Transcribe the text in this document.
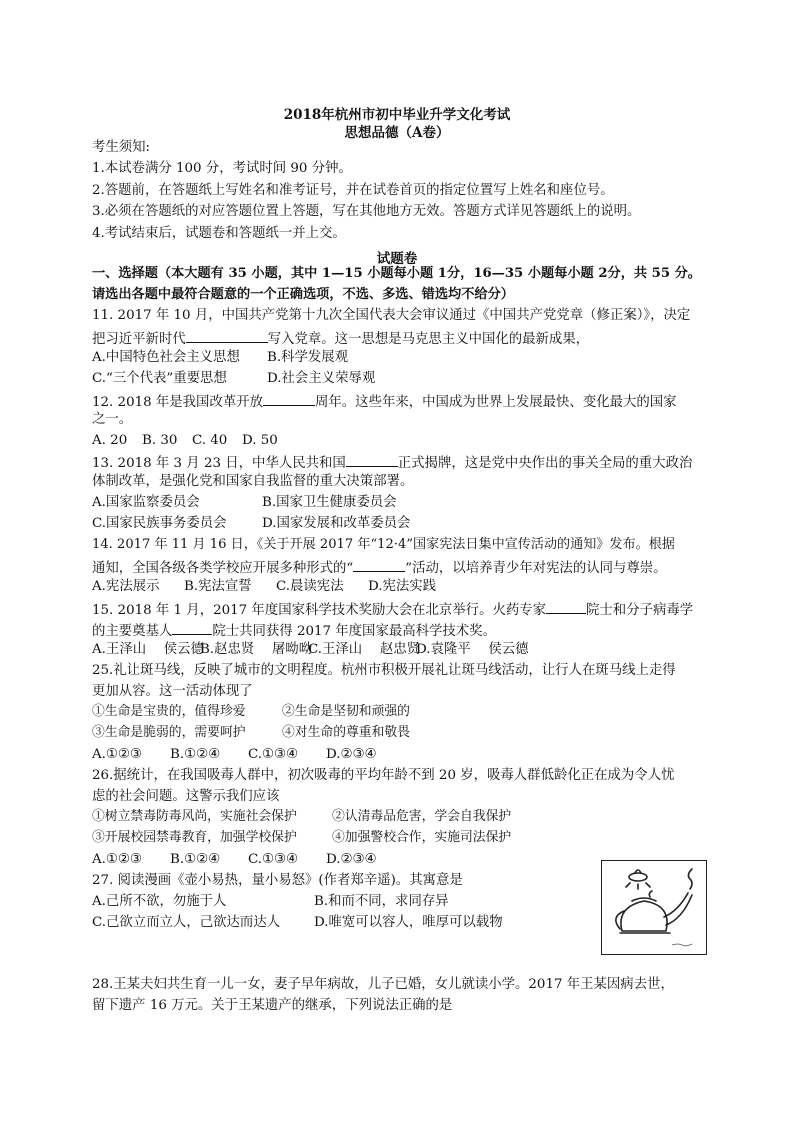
2018年杭州市初中毕业升学文化考试
思想品德（A卷）
考生须知:
1.本试卷满分 100 分，考试时间 90 分钟。
2.答题前，在答题纸上写姓名和准考证号，并在试卷首页的指定位置写上姓名和座位号。
3.必须在答题纸的对应答题位置上答题，写在其他地方无效。答题方式详见答题纸上的说明。
4.考试结束后，试题卷和答题纸一并上交。
试题卷
一、选择题（本大题有 35 小题，其中 1—15 小题每小题 1分，16—35 小题每小题 2分，共 55 分。
请选出各题中最符合题意的一个正确选项，不选、多选、错选均不给分）
11. 2017 年 10 月，中国共产党第十九次全国代表大会审议通过《中国共产党党章（修正案）》，决定
把习近平新时代	写入党章。这一思想是马克思主义中国化的最新成果，
A.中国特色社会主义思想 B.科学发展观
C.“三个代表”重要思想	D.社会主义荣辱观
12. 2018 年是我国改革开放	周年。这些年来，中国成为世界上发展最快、变化最大的国家
之一。
A. 20 B. 30 C. 40 D. 50
13. 2018 年 3 月 23 日，中华人民共和国	正式揭牌，这是党中央作出的事关全局的重大政治
体制改革，是强化党和国家自我监督的重大决策部署。
A.国家监察委员会	B.国家卫生健康委员会
C.国家民族事务委员会	D.国家发展和改革委员会
14. 2017 年 11 月 16 日，《关于开展 2017 年“12·4”国家宪法日集中宣传活动的通知》发布。根据
通知，全国各级各类学校应开展多种形式的“	”活动，以培养青少年对宪法的认同与尊崇。
A.宪法展示 B.宪法宣誓 C.晨读宪法 D.宪法实践
15. 2018 年 1 月，2017 年度国家科学技术奖励大会在北京举行。火药专家	院士和分子病毒学
的主要奠基人	院士共同获得 2017 年度国家最高科学技术奖。
A.王泽山　 侯云德B.赵忠贤　 屠呦呦C.王泽山　 赵忠贤D.袁隆平　 侯云德
25.礼让斑马线，反映了城市的文明程度。杭州市积极开展礼让斑马线活动，让行人在斑马线上走得
更加从容。这一活动体现了
①生命是宝贵的，值得珍爱	②生命是坚韧和顽强的
③生命是脆弱的，需要呵护	④对生命的尊重和敬畏
A.①②③ B.①②④ C.①③④ D.②③④
26.据统计，在我国吸毒人群中，初次吸毒的平均年龄不到 20 岁，吸毒人群低龄化正在成为令人忧
虑的社会问题。这警示我们应该
①树立禁毒防毒风尚，实施社会保护	②认清毒品危害，学会自我保护
③开展校园禁毒教育，加强学校保护	④加强警校合作，实施司法保护
A.①②③ B.①②④ C.①③④ D.②③④
27. 阅读漫画《壶小易热，量小易怒》(作者郑辛遥)。其寓意是
A.己所不欲，勿施于人	B.和而不同，求同存异
C.己欲立而立人，己欲达而达人	D.唯宽可以容人，唯厚可以载物
28.王某夫妇共生育一儿一女，妻子早年病故，儿子已婚，女儿就读小学。2017 年王某因病去世，
留下遗产 16 万元。关于王某遗产的继承，下列说法正确的是
